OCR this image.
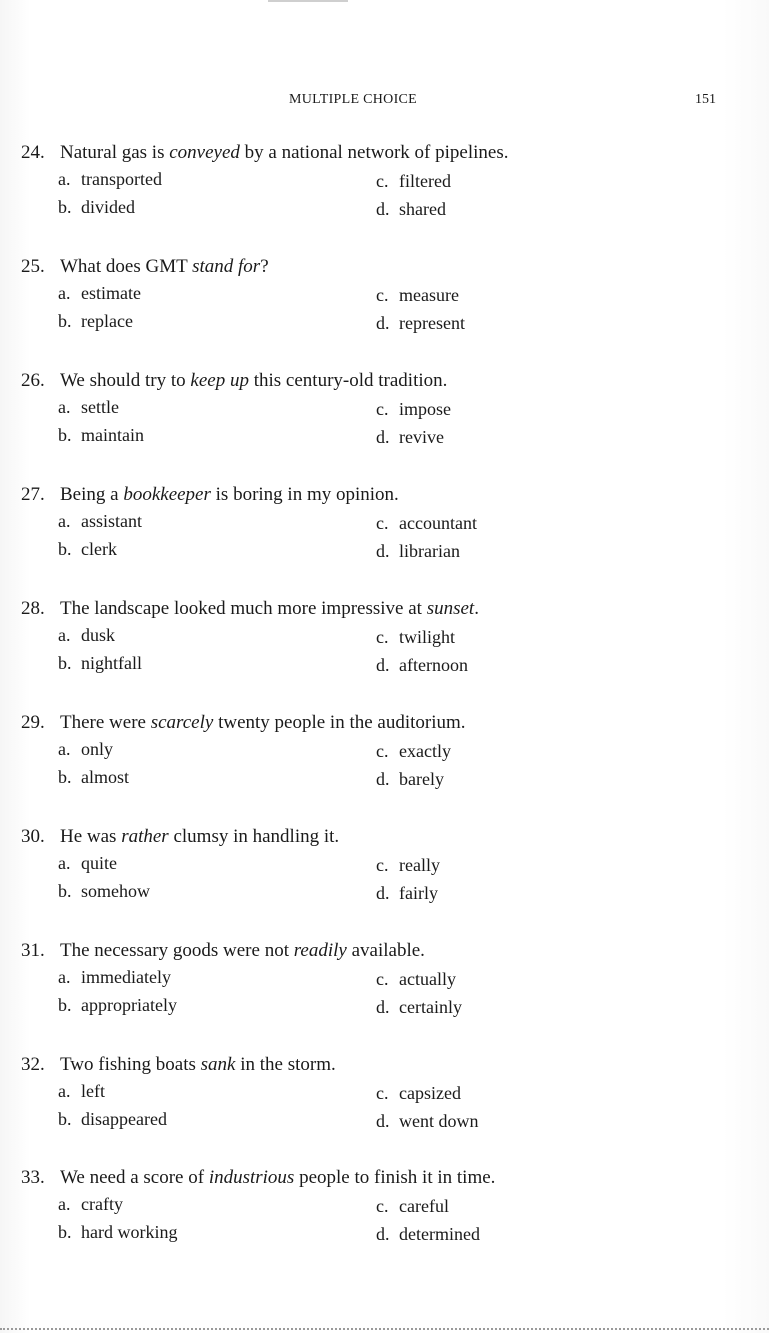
MULTIPLE CHOICE	151
24. Natural gas is conveyed by a national network of pipelines.
a. transported
b. divided
c. filtered
d. shared
25. What does GMT stand for?
a. estimate
b. replace
c. measure
d. represent
26. We should try to keep up this century-old tradition.
a. settle
b. maintain
c. impose
d. revive
27. Being a bookkeeper is boring in my opinion.
a. assistant
b. clerk
c. accountant
d. librarian
28. The landscape looked much more impressive at sunset.
a. dusk
b. nightfall
c. twilight
d. afternoon
29. There were scarcely twenty people in the auditorium.
a. only
b. almost
c. exactly
d. barely
30. He was rather clumsy in handling it.
a. quite
b. somehow
c. really
d. fairly
31. The necessary goods were not readily available.
a. immediately
b. appropriately
c. actually
d. certainly
32. Two fishing boats sank in the storm.
a. left
b. disappeared
c. capsized
d. went down
33. We need a score of industrious people to finish it in time.
a. crafty
b. hard working
c. careful
d. determined
